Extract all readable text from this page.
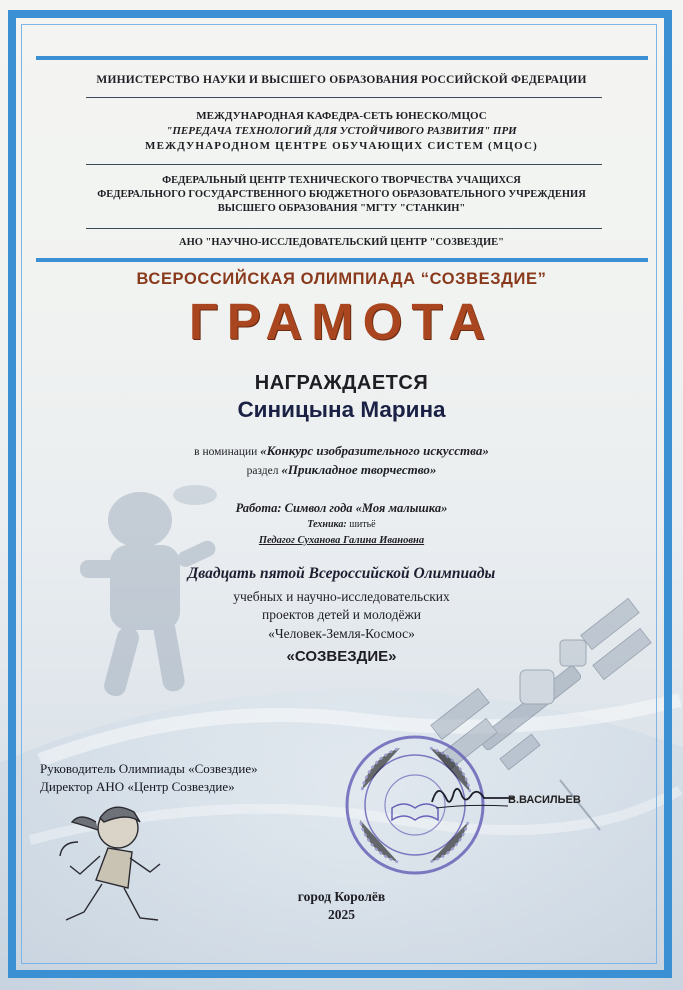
МИНИСТЕРСТВО НАУКИ И ВЫСШЕГО ОБРАЗОВАНИЯ РОССИЙСКОЙ ФЕДЕРАЦИИ
МЕЖДУНАРОДНАЯ КАФЕДРА-СЕТЬ ЮНЕСКО/МЦОС
"ПЕРЕДАЧА ТЕХНОЛОГИЙ ДЛЯ УСТОЙЧИВОГО РАЗВИТИЯ" ПРИ
МЕЖДУНАРОДНОМ ЦЕНТРЕ ОБУЧАЮЩИХ СИСТЕМ (МЦОС)
ФЕДЕРАЛЬНЫЙ ЦЕНТР ТЕХНИЧЕСКОГО ТВОРЧЕСТВА УЧАЩИХСЯ
ФЕДЕРАЛЬНОГО ГОСУДАРСТВЕННОГО БЮДЖЕТНОГО ОБРАЗОВАТЕЛЬНОГО УЧРЕЖДЕНИЯ
ВЫСШЕГО ОБРАЗОВАНИЯ "МГТУ "СТАНКИН"
АНО "НАУЧНО-ИССЛЕДОВАТЕЛЬСКИЙ ЦЕНТР "СОЗВЕЗДИЕ"
ВСЕРОССИЙСКАЯ ОЛИМПИАДА “СОЗВЕЗДИЕ”
ГРАМОТА
НАГРАЖДАЕТСЯ
Синицына Марина
в номинации «Конкурс изобразительного искусства»
раздел «Прикладное творчество»
Работа: Символ года «Моя малышка»
Техника: шитьё
Педагог Суханова Галина Ивановна
Двадцать пятой Всероссийской Олимпиады
учебных и научно-исследовательских
проектов детей и молодёжи
«Человек-Земля-Космос»
«СОЗВЕЗДИЕ»
Руководитель Олимпиады «Созвездие»
Директор АНО «Центр Созвездие»
В.ВАСИЛЬЕВ
город Королёв
2025
